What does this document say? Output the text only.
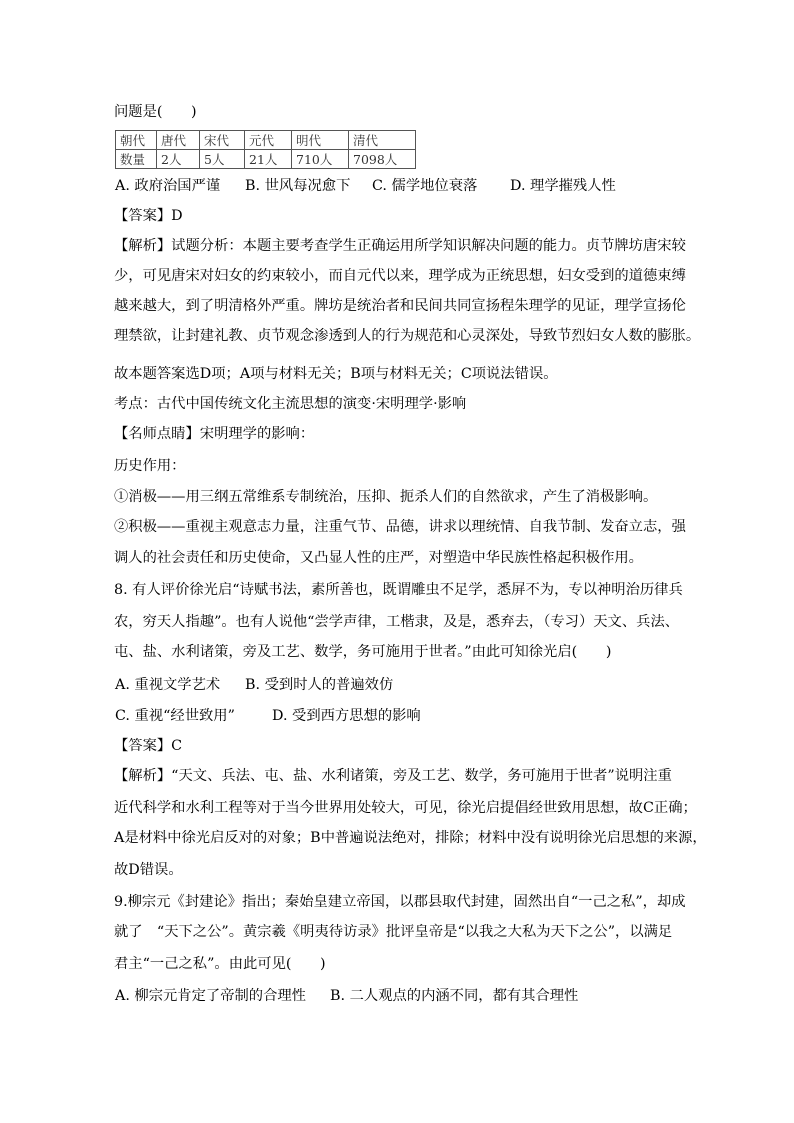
问题是(　　)
朝代	唐代	宋代	元代	明代	清代
数量	2人	5人	21人	710人	7098人
A. 政府治国严谨 B. 世风每况愈下 C. 儒学地位衰落 D. 理学摧残人性
【答案】D
【解析】试题分析：本题主要考查学生正确运用所学知识解决问题的能力。贞节牌坊唐宋较
少，可见唐宋对妇女的约束较小，而自元代以来，理学成为正统思想，妇女受到的道德束缚
越来越大，到了明清格外严重。牌坊是统治者和民间共同宣扬程朱理学的见证，理学宣扬伦
理禁欲，让封建礼教、贞节观念渗透到人的行为规范和心灵深处，导致节烈妇女人数的膨胀。
故本题答案选D项；A项与材料无关；B项与材料无关；C项说法错误。
考点：古代中国传统文化主流思想的演变·宋明理学·影响
【名师点睛】宋明理学的影响：
历史作用：
①消极——用三纲五常维系专制统治，压抑、扼杀人们的自然欲求，产生了消极影响。
②积极——重视主观意志力量，注重气节、品德，讲求以理统情、自我节制、发奋立志，强
调人的社会责任和历史使命，又凸显人性的庄严，对塑造中华民族性格起积极作用。
8. 有人评价徐光启“诗赋书法，素所善也，既谓雕虫不足学，悉屏不为，专以神明治历律兵
农，穷天人指趣”。也有人说他“尝学声律，工楷隶，及是，悉弃去，（专习）天文、兵法、
屯、盐、水利诸策，旁及工艺、数学，务可施用于世者。”由此可知徐光启(　　)
A. 重视文学艺术 B. 受到时人的普遍效仿
C. 重视“经世致用”	D. 受到西方思想的影响
【答案】C
【解析】“天文、兵法、屯、盐、水利诸策，旁及工艺、数学，务可施用于世者”说明注重
近代科学和水利工程等对于当今世界用处较大，可见，徐光启提倡经世致用思想，故C正确；
A是材料中徐光启反对的对象；B中普遍说法绝对，排除；材料中没有说明徐光启思想的来源，
故D错误。
9.柳宗元《封建论》指出；秦始皇建立帝国，以郡县取代封建，固然出自“一己之私”，却成
就了　“天下之公”。黄宗羲《明夷待访录》批评皇帝是“以我之大私为天下之公”，以满足
君主“一己之私”。由此可见(　　)
A. 柳宗元肯定了帝制的合理性 B. 二人观点的内涵不同，都有其合理性
